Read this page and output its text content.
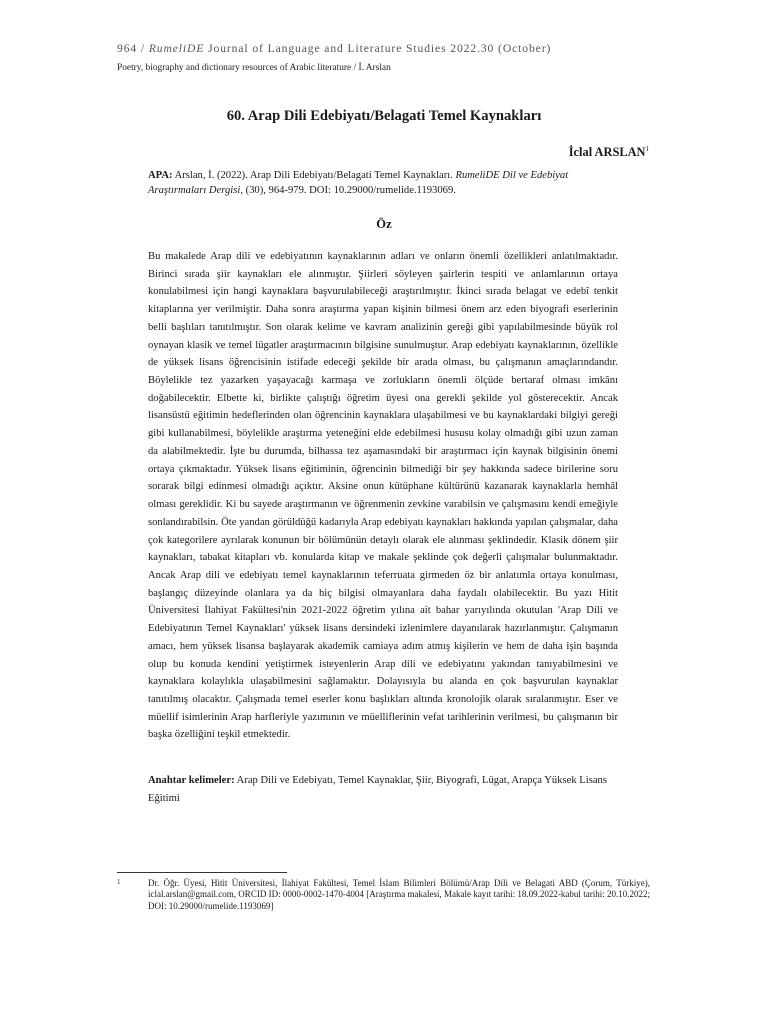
964 / RumeliDE Journal of Language and Literature Studies 2022.30 (October)
Poetry, biography and dictionary resources of Arabic literature / İ. Arslan
60. Arap Dili Edebiyatı/Belagati Temel Kaynakları
İclal ARSLAN$^1$
APA: Arslan, İ. (2022). Arap Dili Edebiyatı/Belagati Temel Kaynakları. RumeliDE Dil ve Edebiyat Araştırmaları Dergisi, (30), 964-979. DOI: 10.29000/rumelide.1193069.
Öz

Bu makalede Arap dili ve edebiyatının kaynaklarının adları ve onların önemli özellikleri anlatılmaktadır. Birinci sırada şiir kaynakları ele alınmıştır. Şiirleri söyleyen şairlerin tespiti ve anlamlarının ortaya konulabilmesi için hangi kaynaklara başvurulabileceği araştırılmıştır. İkinci sırada belagat ve edebî tenkit kitaplarına yer verilmiştir. Daha sonra araştırma yapan kişinin bilmesi önem arz eden biyografi eserlerinin belli başlıları tanıtılmıştır. Son olarak kelime ve kavram analizinin gereği gibi yapılabilmesinde büyük rol oynayan klasik ve temel lügatler araştırmacının bilgisine sunulmuştur. Arap edebiyatı kaynaklarının, özellikle de yüksek lisans öğrencisinin istifade edeceği şekilde bir arada olması, bu çalışmanın amaçlarındandır. Böylelikle tez yazarken yaşayacağı karmaşa ve zorlukların önemli ölçüde bertaraf olması imkânı doğabilecektir. Elbette ki, birlikte çalıştığı öğretim üyesi ona gerekli şekilde yol gösterecektir. Ancak lisansüstü eğitimin hedeflerinden olan öğrencinin kaynaklara ulaşabilmesi ve bu kaynaklardaki bilgiyi gereği gibi kullanabilmesi, böylelikle araştırma yeteneğini elde edebilmesi hususu kolay olmadığı gibi uzun zaman da alabilmektedir. İşte bu durumda, bilhassa tez aşamasındaki bir araştırmacı için kaynak bilgisinin önemi ortaya çıkmaktadır. Yüksek lisans eğitiminin, öğrencinin bilmediği bir şey hakkında sadece birilerine soru sorarak bilgi edinmesi olmadığı açıktır. Aksine onun kütüphane kültürünü kazanarak kaynaklarla hemhâl olması gereklidir. Ki bu sayede araştırmanın ve öğrenmenin zevkine varabilsin ve çalışmasını kendi emeğiyle sonlandırabilsin. Öte yandan görüldüğü kadarıyla Arap edebiyatı kaynakları hakkında yapılan çalışmalar, daha çok kategorilere ayrılarak konunun bir bölümünün detaylı olarak ele alınması şeklindedir. Klasik dönem şiir kaynakları, tabakat kitapları vb. konularda kitap ve makale şeklinde çok değerli çalışmalar bulunmaktadır. Ancak Arap dili ve edebiyatı temel kaynaklarının teferruata girmeden öz bir anlatımla ortaya konulması, başlangıç düzeyinde olanlara ya da hiç bilgisi olmayanlara daha faydalı olabilecektir. Bu yazı Hitit Üniversitesi İlahiyat Fakültesi'nin 2021-2022 öğretim yılına ait bahar yarıyılında okutulan 'Arap Dili ve Edebiyatının Temel Kaynakları' yüksek lisans dersindeki izlenimlere dayanılarak hazırlanmıştır. Çalışmanın amacı, hem yüksek lisansa başlayarak akademik camiaya adım atmış kişilerin ve hem de daha işin başında olup bu konuda kendini yetiştirmek isteyenlerin Arap dili ve edebiyatını yakından tanıyabilmesini ve kaynaklara kolaylıkla ulaşabilmesini sağlamaktır. Dolayısıyla bu alanda en çok başvurulan kaynaklar tanıtılmış olacaktır. Çalışmada temel eserler konu başlıkları altında kronolojik olarak sıralanmıştır. Eser ve müellif isimlerinin Arap harfleriyle yazımının ve müelliflerinin vefat tarihlerinin verilmesi, bu çalışmanın bir başka özelliğini teşkil etmektedir.

Anahtar kelimeler: Arap Dili ve Edebiyatı, Temel Kaynaklar, Şiir, Biyografi, Lügat, Arapça Yüksek Lisans Eğitimi
1	Dr. Öğr. Üyesi, Hitit Üniversitesi, İlahiyat Fakültesi, Temel İslam Bilimleri Bölümü/Arap Dili ve Belagati ABD (Çorum, Türkiye), iclal.arslan@gmail.com, ORCID ID: 0000-0002-1470-4004 [Araştırma makalesi, Makale kayıt tarihi: 18.09.2022-kabul tarihi: 20.10.2022; DOI: 10.29000/rumelide.1193069]
